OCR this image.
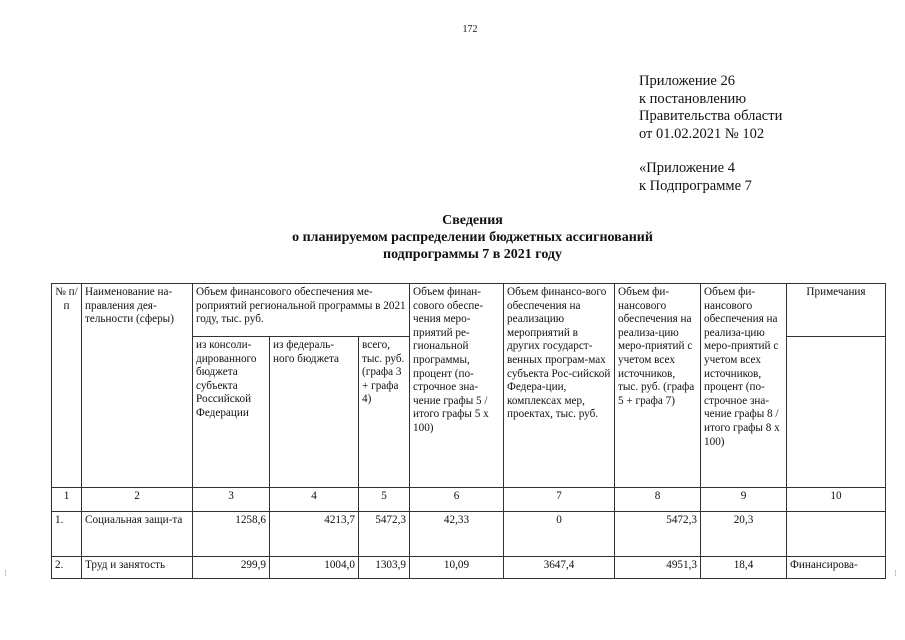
172
Приложение 26
к постановлению
Правительства области
от 01.02.2021 № 102
«Приложение 4
к Подпрограмме 7
Сведения
о планируемом распределении бюджетных ассигнований
подпрограммы 7 в 2021 году
№ п/п	Наименование на-правления дея-тельности (сферы)	Объем финансового обеспечения ме-роприятий региональной программы в 2021 году, тыс. руб.			Объем финан-сового обеспе-чения меро-приятий ре-гиональной программы, процент (по-строчное зна-чение графы 5 / итого графы 5 x 100)	Объем финансо-вого обеспечения на реализацию мероприятий в других государст-венных програм-мах субъекта Рос-сийской Федера-ции, комплексах мер, проектах, тыс. руб.	Объем фи-нансового обеспечения на реализа-цию меро-приятий с учетом всех источников, тыс. руб. (графа 5 + графа 7)	Объем фи-нансового обеспечения на реализа-цию меро-приятий с учетом всех источников, процент (по-строчное зна-чение графы 8 / итого графы 8 x 100)	Примечания
		из консоли-дированного бюджета субъекта Российской Федерации	из федераль-ного бюджета	всего, тыс. руб. (графа 3 + графа 4)					
1	2	3	4	5	6	7	8	9	10
1.	Социальная защи-та	1258,6	4213,7	5472,3	42,33	0	5472,3	20,3	
2.	Труд и занятость	299,9	1004,0	1303,9	10,09	3647,4	4951,3	18,4	Финансирова-
⁝	⁝
